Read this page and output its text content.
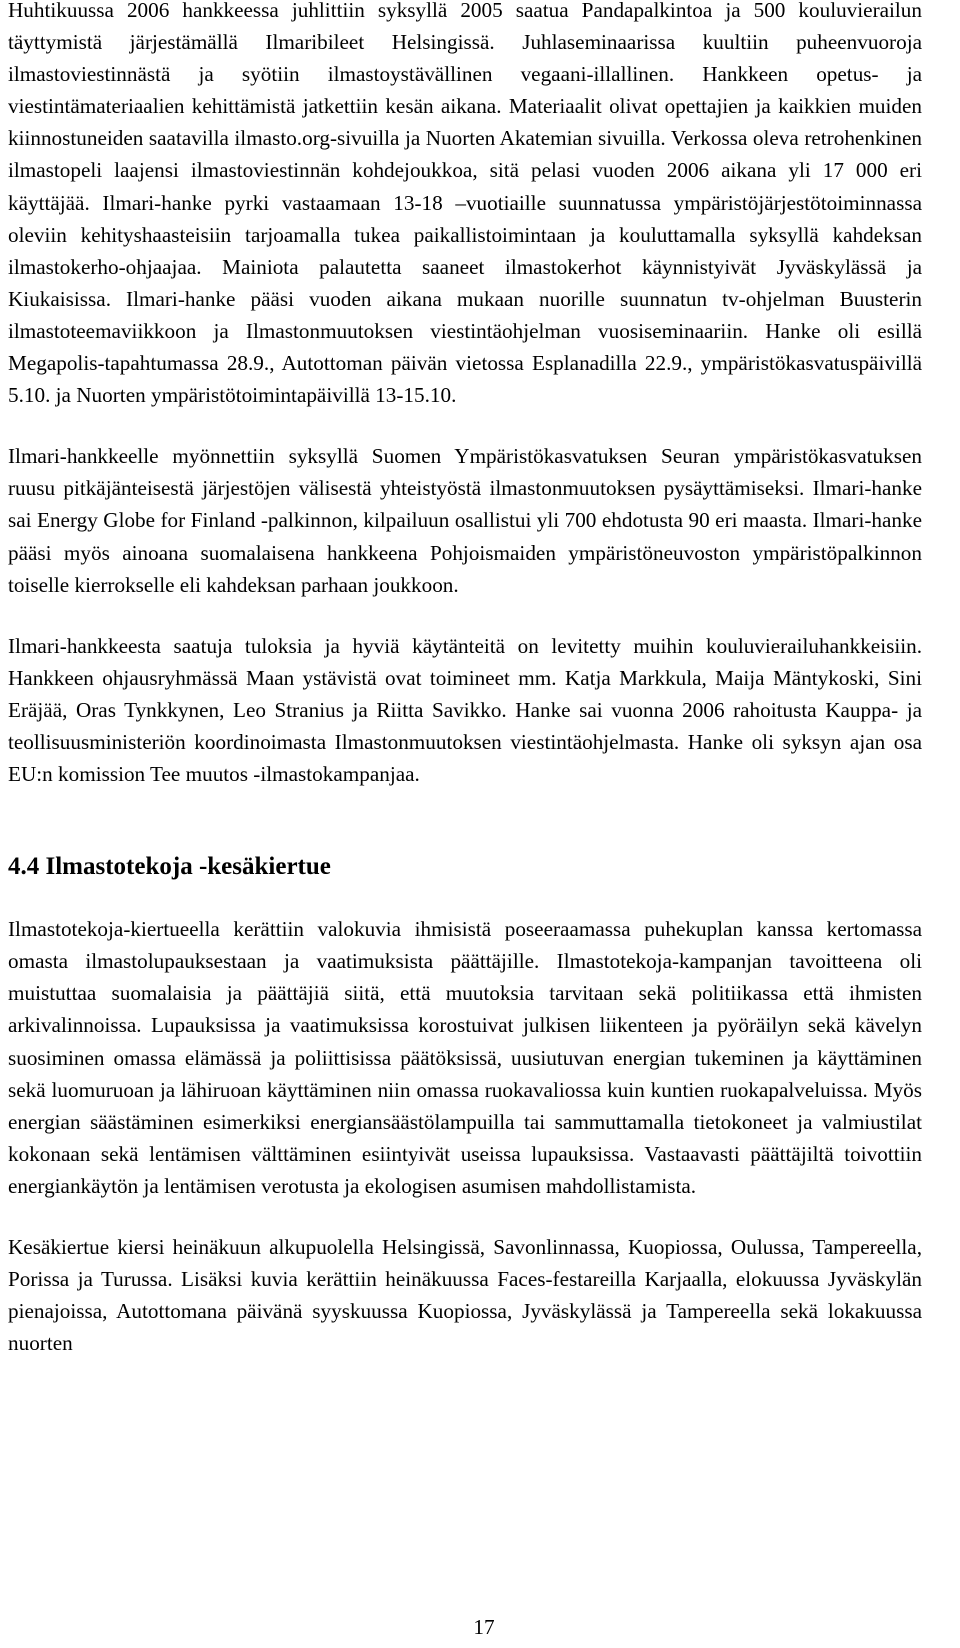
Huhtikuussa 2006 hankkeessa juhlittiin syksyllä 2005 saatua Pandapalkintoa ja 500 kouluvierailun täyttymistä järjestämällä Ilmaribileet Helsingissä. Juhlaseminaarissa kuultiin puheenvuoroja ilmastoviestinnästä ja syötiin ilmastoystävällinen vegaani-illallinen. Hankkeen opetus- ja viestintämateriaalien kehittämistä jatkettiin kesän aikana. Materiaalit olivat opettajien ja kaikkien muiden kiinnostuneiden saatavilla ilmasto.org-sivuilla ja Nuorten Akatemian sivuilla. Verkossa oleva retrohenkinen ilmastopeli laajensi ilmastoviestinnän kohdejoukkoa, sitä pelasi vuoden 2006 aikana yli 17 000 eri käyttäjää. Ilmari-hanke pyrki vastaamaan 13-18 –vuotiaille suunnatussa ympäristöjärjestötoiminnassa oleviin kehityshaasteisiin tarjoamalla tukea paikallistoimintaan ja kouluttamalla syksyllä kahdeksan ilmastokerho-ohjaajaa. Mainiota palautetta saaneet ilmastokerhot käynnistyivät Jyväskylässä ja Kiukaisissa. Ilmari-hanke pääsi vuoden aikana mukaan nuorille suunnatun tv-ohjelman Buusterin ilmastoteemaviikkoon ja Ilmastonmuutoksen viestintäohjelman vuosiseminaariin. Hanke oli esillä Megapolis-tapahtumassa 28.9., Autottoman päivän vietossa Esplanadilla 22.9., ympäristökasvatuspäivillä 5.10. ja Nuorten ympäristötoimintapäivillä 13-15.10.

Ilmari-hankkeelle myönnettiin syksyllä Suomen Ympäristökasvatuksen Seuran ympäristökasvatuksen ruusu pitkäjänteisestä järjestöjen välisestä yhteistyöstä ilmastonmuutoksen pysäyttämiseksi. Ilmari-hanke sai Energy Globe for Finland -palkinnon, kilpailuun osallistui yli 700 ehdotusta 90 eri maasta. Ilmari-hanke pääsi myös ainoana suomalaisena hankkeena Pohjoismaiden ympäristöneuvoston ympäristöpalkinnon toiselle kierrokselle eli kahdeksan parhaan joukkoon.

Ilmari-hankkeesta saatuja tuloksia ja hyviä käytänteitä on levitetty muihin kouluvierailuhankkeisiin. Hankkeen ohjausryhmässä Maan ystävistä ovat toimineet mm. Katja Markkula, Maija Mäntykoski, Sini Eräjää, Oras Tynkkynen, Leo Stranius ja Riitta Savikko. Hanke sai vuonna 2006 rahoitusta Kauppa- ja teollisuusministeriön koordinoimasta Ilmastonmuutoksen viestintäohjelmasta. Hanke oli syksyn ajan osa EU:n komission Tee muutos -ilmastokampanjaa.

4.4 Ilmastotekoja -kesäkiertue

Ilmastotekoja-kiertueella kerättiin valokuvia ihmisistä poseeraamassa puhekuplan kanssa kertomassa omasta ilmastolupauksestaan ja vaatimuksista päättäjille. Ilmastotekoja-kampanjan tavoitteena oli muistuttaa suomalaisia ja päättäjiä siitä, että muutoksia tarvitaan sekä politiikassa että ihmisten arkivalinnoissa. Lupauksissa ja vaatimuksissa korostuivat julkisen liikenteen ja pyöräilyn sekä kävelyn suosiminen omassa elämässä ja poliittisissa päätöksissä, uusiutuvan energian tukeminen ja käyttäminen sekä luomuruoan ja lähiruoan käyttäminen niin omassa ruokavaliossa kuin kuntien ruokapalveluissa. Myös energian säästäminen esimerkiksi energiansäästölampuilla tai sammuttamalla tietokoneet ja valmiustilat kokonaan sekä lentämisen välttäminen esiintyivät useissa lupauksissa. Vastaavasti päättäjiltä toivottiin energiankäytön ja lentämisen verotusta ja ekologisen asumisen mahdollistamista.

Kesäkiertue kiersi heinäkuun alkupuolella Helsingissä, Savonlinnassa, Kuopiossa, Oulussa, Tampereella, Porissa ja Turussa. Lisäksi kuvia kerättiin heinäkuussa Faces-festareilla Karjaalla, elokuussa Jyväskylän pienajoissa, Autottomana päivänä syyskuussa Kuopiossa, Jyväskylässä ja Tampereella sekä lokakuussa nuorten

17
